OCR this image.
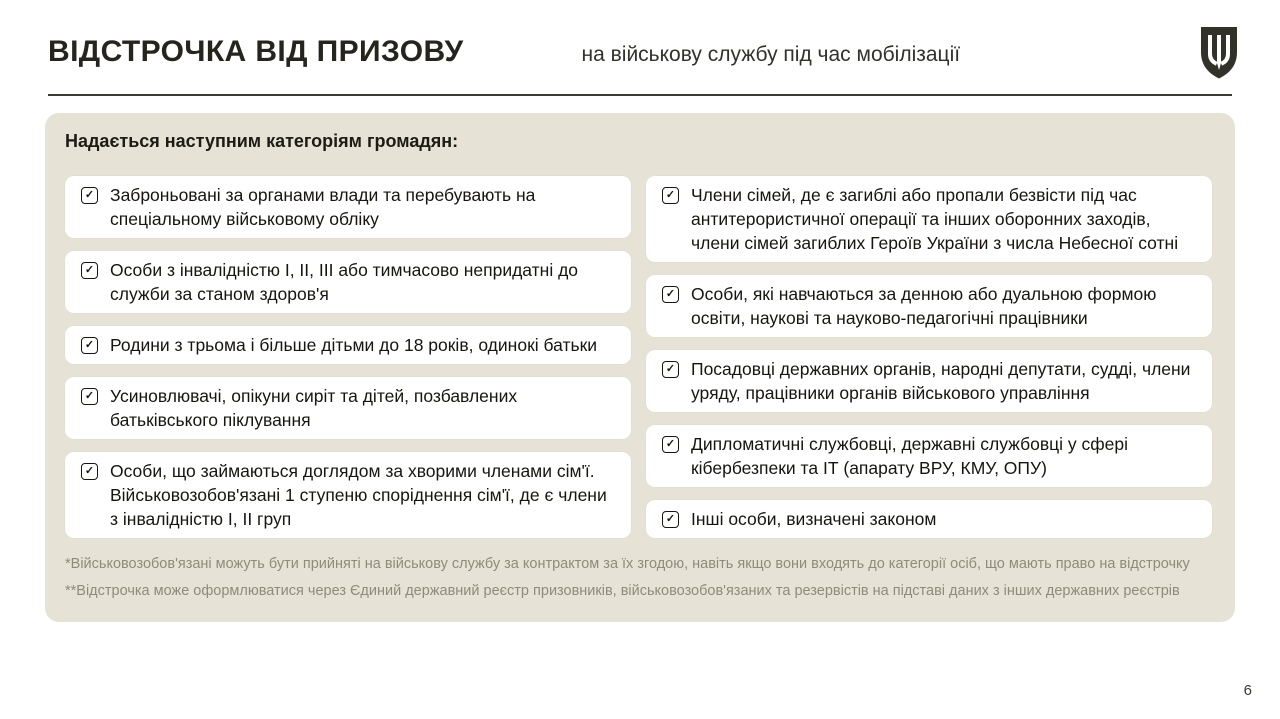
ВІДСТРОЧКА ВІД ПРИЗОВУ	на військову службу під час мобілізації
Надається наступним категоріям громадян:
✓ Заброньовані за органами влади та перебувають на спеціальному військовому обліку
✓ Особи з інвалідністю I, II, III або тимчасово непридатні до служби за станом здоров'я
✓ Родини з трьома і більше дітьми до 18 років, одинокі батьки
✓ Усиновлювачі, опікуни сиріт та дітей, позбавлених батьківського піклування
✓ Особи, що займаються доглядом за хворими членами сім'ї. Військовозобов'язані 1 ступеню споріднення сім'ї, де є члени з інвалідністю I, II груп
✓ Члени сімей, де є загиблі або пропали безвісти під час антитерористичної операції та інших оборонних заходів, члени сімей загиблих Героїв України з числа Небесної сотні
✓ Особи, які навчаються за денною або дуальною формою освіти, наукові та науково-педагогічні працівники
✓ Посадовці державних органів, народні депутати, судді, члени уряду, працівники органів військового управління
✓ Дипломатичні службовці, державні службовці у сфері кібербезпеки та ІТ (апарату ВРУ, КМУ, ОПУ)
✓ Інші особи, визначені законом

*Військовозобов'язані можуть бути прийняті на військову службу за контрактом за їх згодою, навіть якщо вони входять до категорії осіб, що мають право на відстрочку

**Відстрочка може оформлюватися через Єдиний державний реєстр призовників, військовозобов'язаних та резервістів на підставі даних з інших державних реєстрів

6
